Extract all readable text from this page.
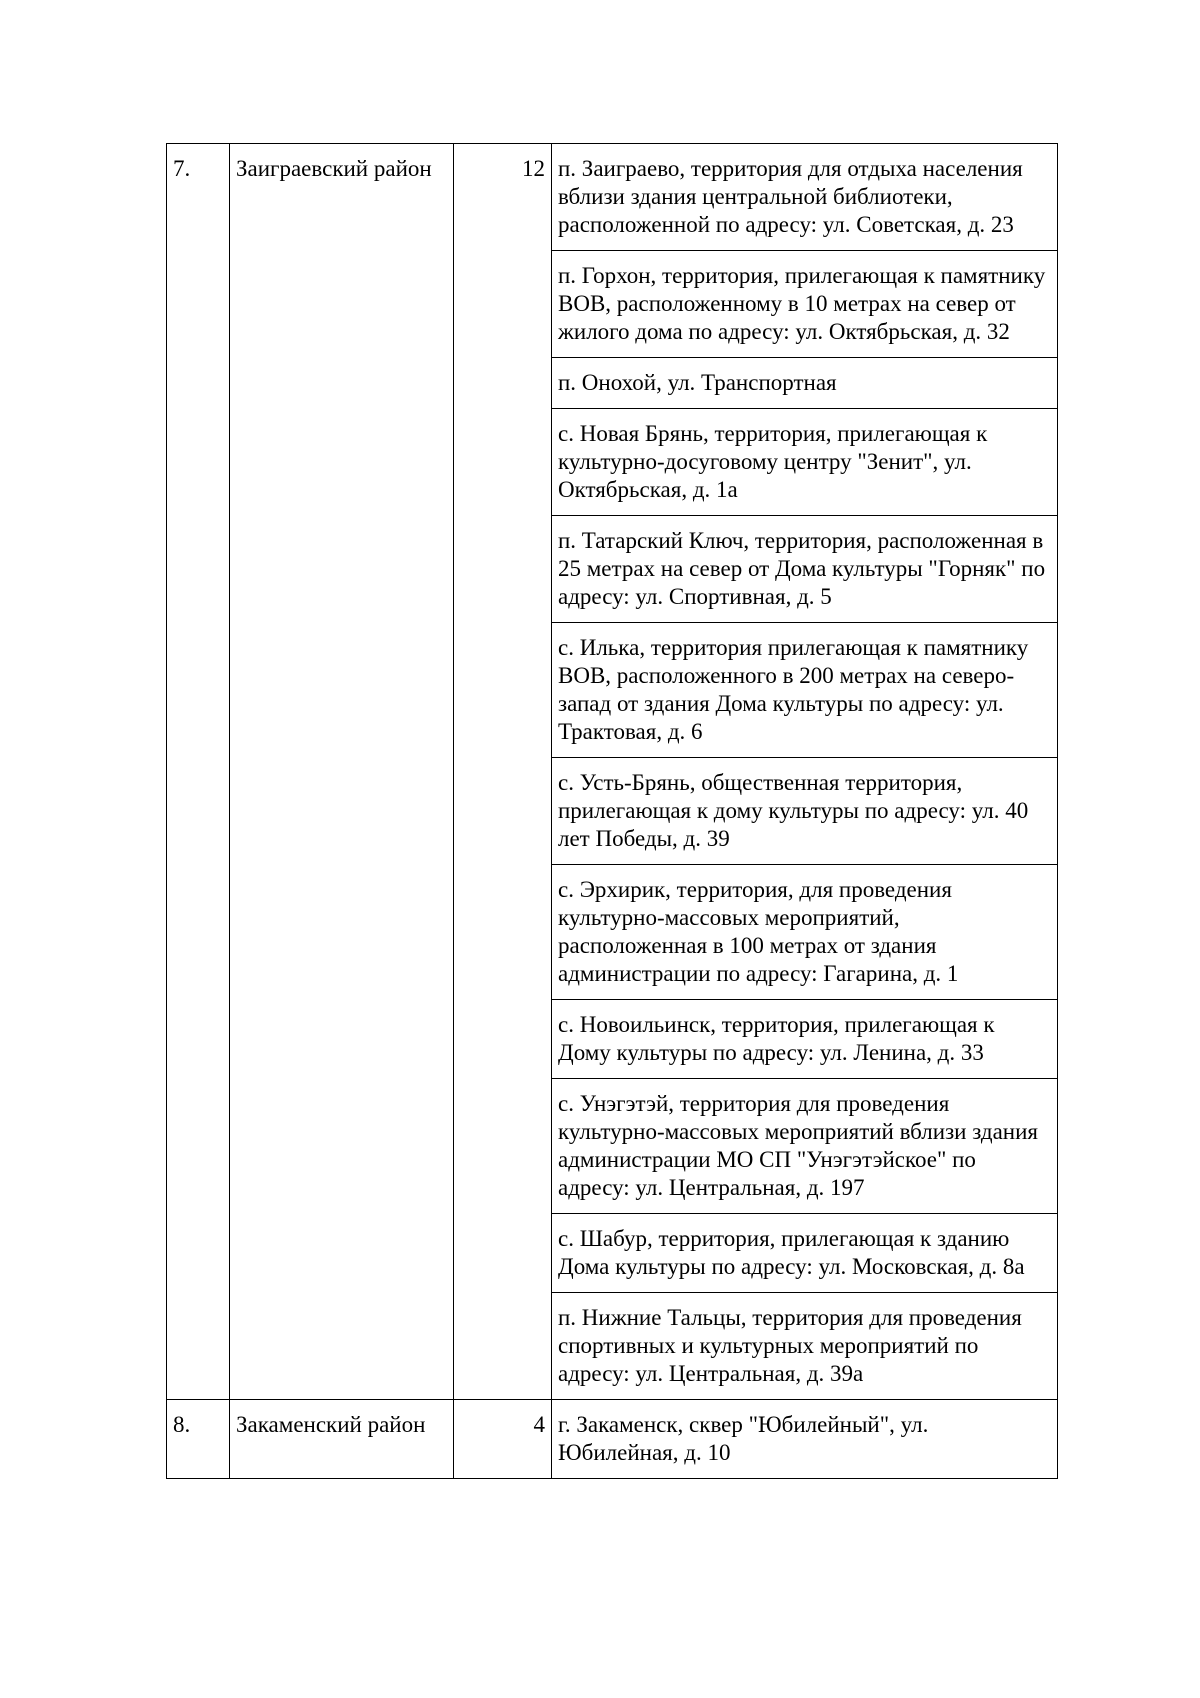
7.	Заиграевский район	12	п. Заиграево, территория для отдыха населения вблизи здания центральной библиотеки, расположенной по адресу: ул. Советская, д. 23
			п. Горхон, территория, прилегающая к памятнику ВОВ, расположенному в 10 метрах на север от жилого дома по адресу: ул. Октябрьская, д. 32
			п. Онохой, ул. Транспортная
			с. Новая Брянь, территория, прилегающая к культурно-досуговому центру "Зенит", ул. Октябрьская, д. 1а
			п. Татарский Ключ, территория, расположенная в 25 метрах на север от Дома культуры "Горняк" по адресу: ул. Спортивная, д. 5
			с. Илька, территория прилегающая к памятнику ВОВ, расположенного в 200 метрах на северо-запад от здания Дома культуры по адресу: ул. Трактовая, д. 6
			с. Усть-Брянь, общественная территория, прилегающая к дому культуры по адресу: ул. 40 лет Победы, д. 39
			с. Эрхирик, территория, для проведения культурно-массовых мероприятий, расположенная в 100 метрах от здания администрации по адресу: Гагарина, д. 1
			с. Новоильинск, территория, прилегающая к Дому культуры по адресу: ул. Ленина, д. 33
			с. Унэгэтэй, территория для проведения культурно-массовых мероприятий вблизи здания администрации МО СП "Унэгэтэйское" по адресу: ул. Центральная, д. 197
			с. Шабур, территория, прилегающая к зданию Дома культуры по адресу: ул. Московская, д. 8а
			п. Нижние Тальцы, территория для проведения спортивных и культурных мероприятий по адресу: ул. Центральная, д. 39а
8.	Закаменский район	4	г. Закаменск, сквер "Юбилейный", ул. Юбилейная, д. 10
